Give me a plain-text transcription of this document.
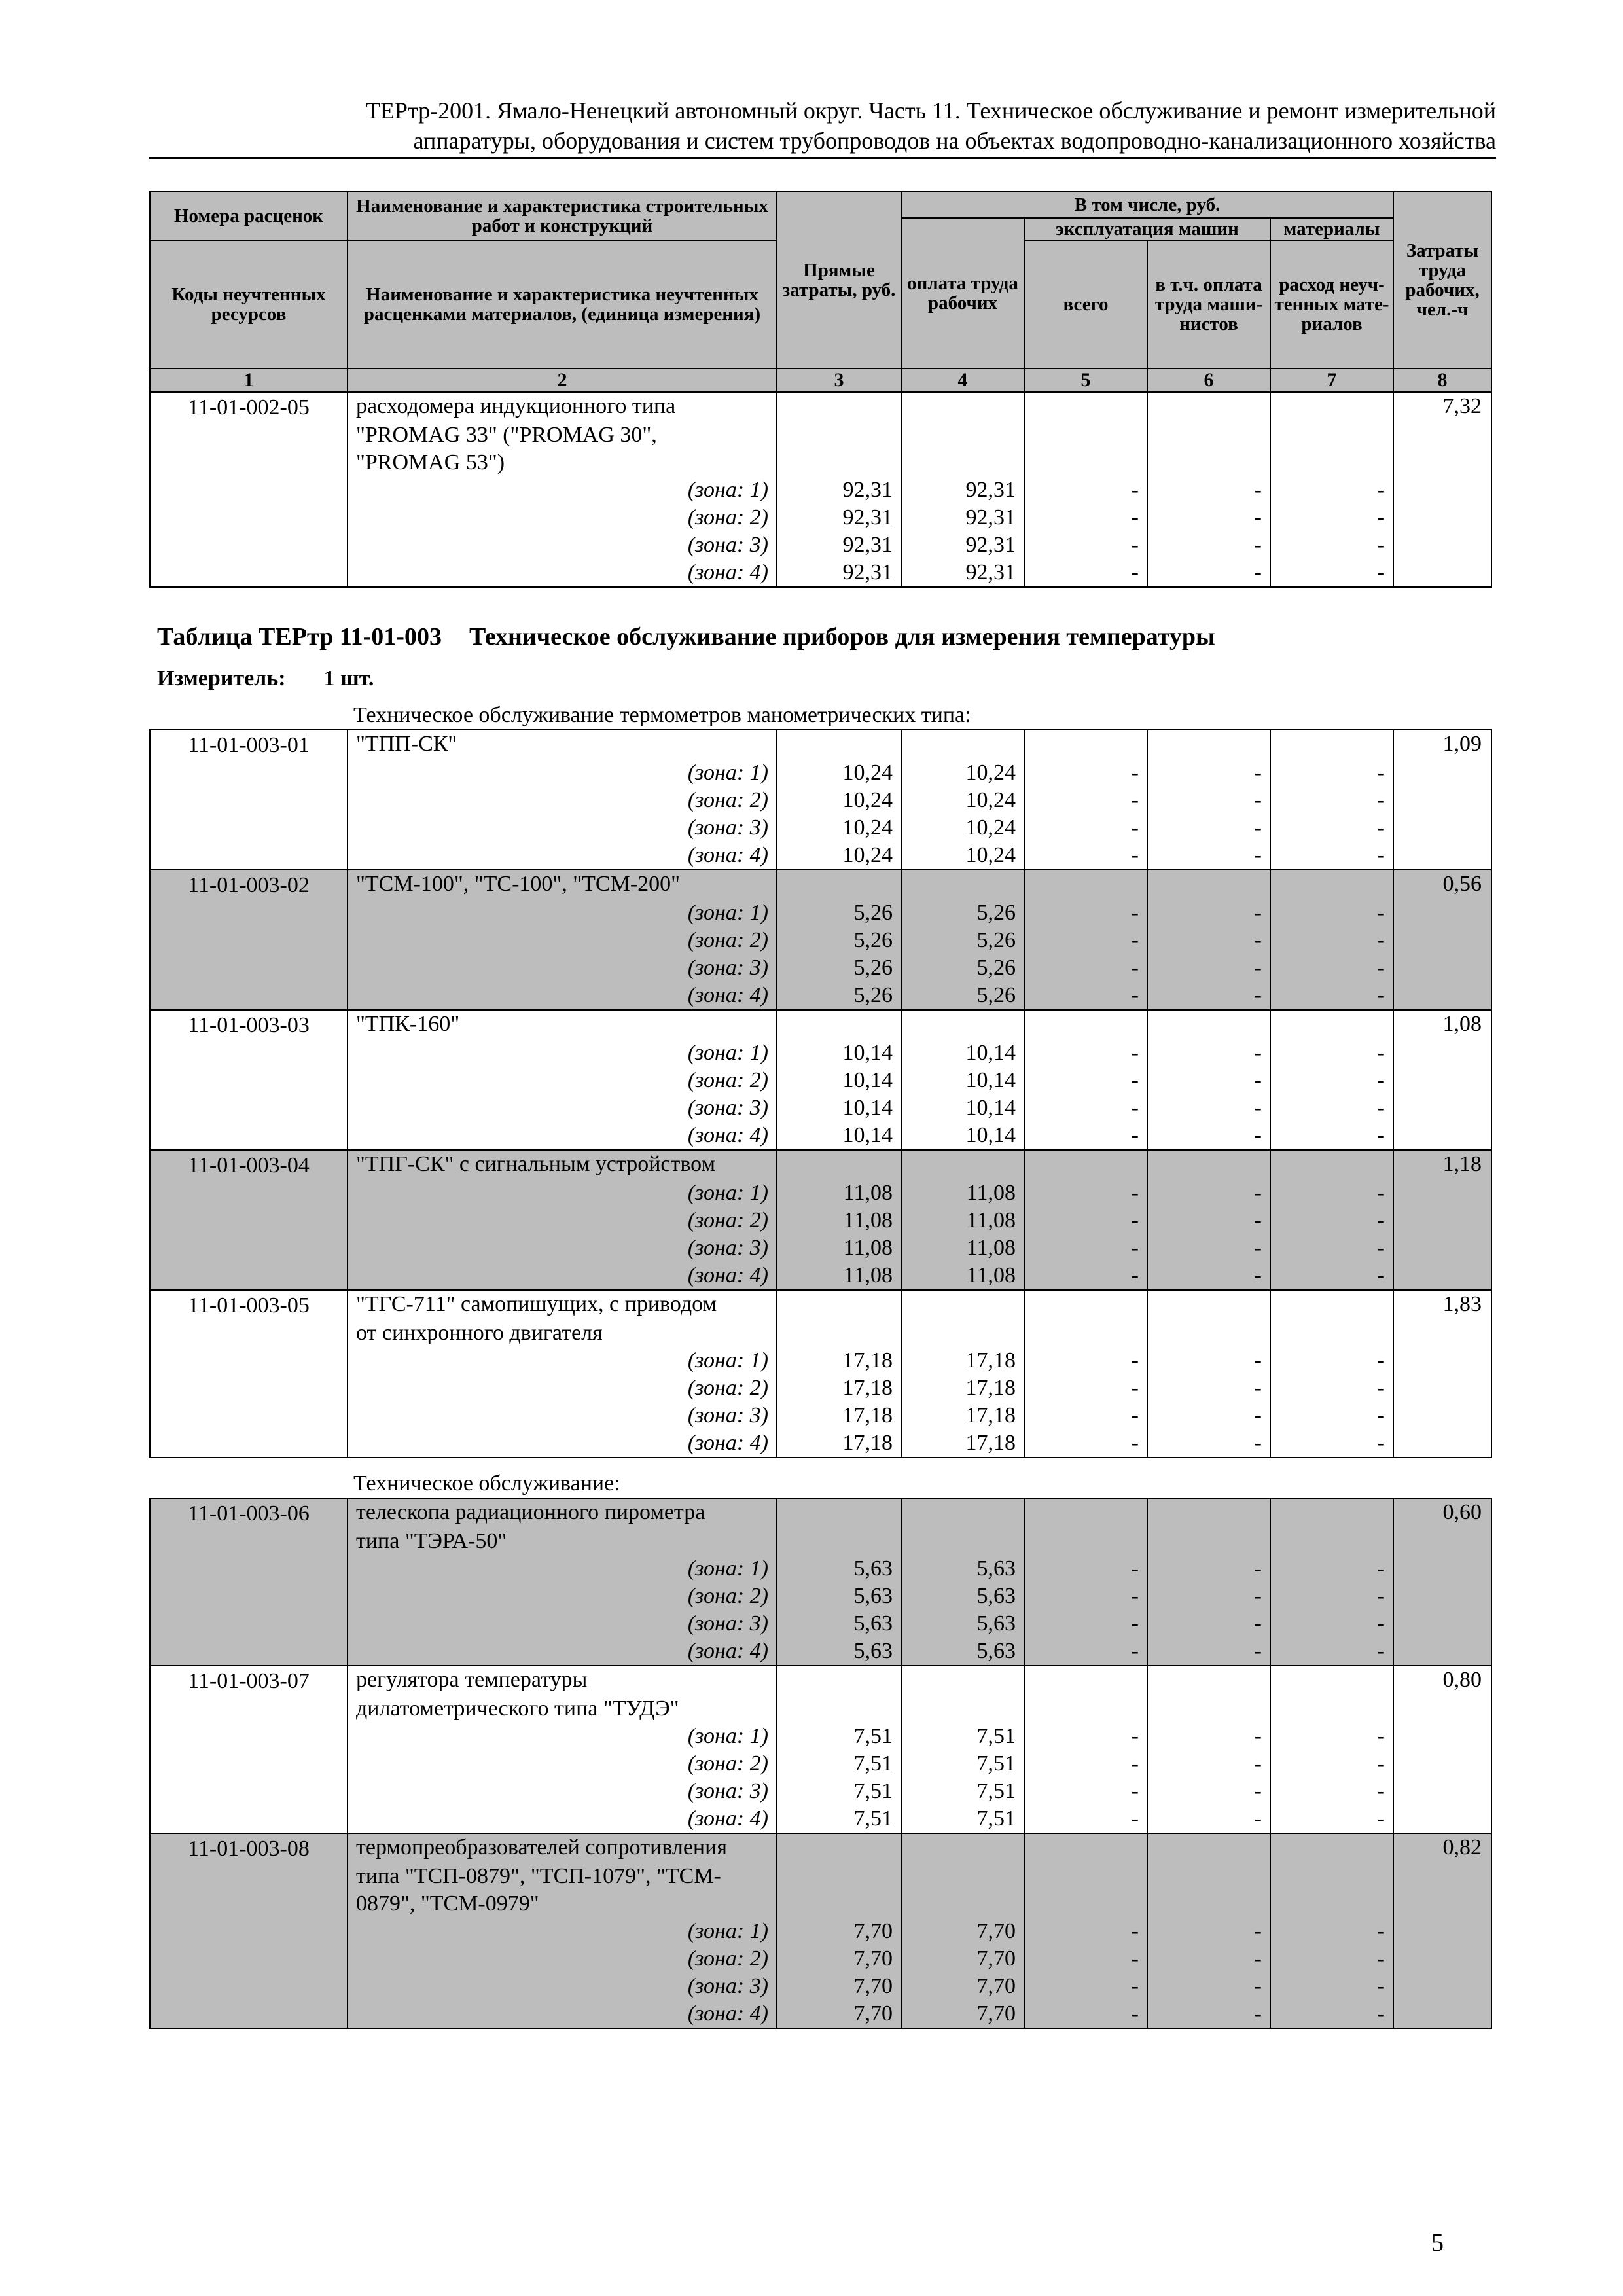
ТЕРтр-2001. Ямало-Ненецкий автономный округ. Часть 11. Техническое обслуживание и ремонт измерительной
аппаратуры, оборудования и систем трубопроводов на объектах водопроводно-канализационного хозяйства
Номера расценок	Наименование и характеристика строительных работ и конструкций	Прямые затраты, руб.	В том числе, руб.				Затраты труда рабочих, чел.-ч
			оплата труда рабочих	эксплуатация машин		материалы	
Коды неучтенных ресурсов	Наименование и характеристика неучтенных расценками материалов, (единица измерения)			всего	в т.ч. оплата труда маши-нистов	расход неуч-тенных мате-риалов	
1	2	3	4	5	6	7	8
11-01-002-05	расходомера индукционного типа						7,32
	"PROMAG 33" ("PROMAG 30",						
	"PROMAG 53")						
	(зона: 1)	92,31	92,31	-	-	-	
	(зона: 2)	92,31	92,31	-	-	-	
	(зона: 3)	92,31	92,31	-	-	-	
	(зона: 4)	92,31	92,31	-	-	-	
Таблица ТЕРтр 11-01-003 Техническое обслуживание приборов для измерения температуры
Измеритель: 1 шт.
Техническое обслуживание термометров манометрических типа:
11-01-003-01	"ТПП-СК"						1,09
	(зона: 1)	10,24	10,24	-	-	-	
	(зона: 2)	10,24	10,24	-	-	-	
	(зона: 3)	10,24	10,24	-	-	-	
	(зона: 4)	10,24	10,24	-	-	-	
11-01-003-02	"ТСМ-100", "ТС-100", "ТСМ-200"						0,56
	(зона: 1)	5,26	5,26	-	-	-	
	(зона: 2)	5,26	5,26	-	-	-	
	(зона: 3)	5,26	5,26	-	-	-	
	(зона: 4)	5,26	5,26	-	-	-	
11-01-003-03	"ТПК-160"						1,08
	(зона: 1)	10,14	10,14	-	-	-	
	(зона: 2)	10,14	10,14	-	-	-	
	(зона: 3)	10,14	10,14	-	-	-	
	(зона: 4)	10,14	10,14	-	-	-	
11-01-003-04	"ТПГ-СК" с сигнальным устройством						1,18
	(зона: 1)	11,08	11,08	-	-	-	
	(зона: 2)	11,08	11,08	-	-	-	
	(зона: 3)	11,08	11,08	-	-	-	
	(зона: 4)	11,08	11,08	-	-	-	
11-01-003-05	"ТГС-711" самопишущих, с приводом						1,83
	от синхронного двигателя						
	(зона: 1)	17,18	17,18	-	-	-	
	(зона: 2)	17,18	17,18	-	-	-	
	(зона: 3)	17,18	17,18	-	-	-	
	(зона: 4)	17,18	17,18	-	-	-	
Техническое обслуживание:
11-01-003-06	телескопа радиационного пирометра						0,60
	типа "ТЭРА-50"						
	(зона: 1)	5,63	5,63	-	-	-	
	(зона: 2)	5,63	5,63	-	-	-	
	(зона: 3)	5,63	5,63	-	-	-	
	(зона: 4)	5,63	5,63	-	-	-	
11-01-003-07	регулятора температуры						0,80
	дилатометрического типа "ТУДЭ"						
	(зона: 1)	7,51	7,51	-	-	-	
	(зона: 2)	7,51	7,51	-	-	-	
	(зона: 3)	7,51	7,51	-	-	-	
	(зона: 4)	7,51	7,51	-	-	-	
11-01-003-08	термопреобразователей сопротивления						0,82
	типа "ТСП-0879", "ТСП-1079", "ТСМ-						
	0879", "ТСМ-0979"						
	(зона: 1)	7,70	7,70	-	-	-	
	(зона: 2)	7,70	7,70	-	-	-	
	(зона: 3)	7,70	7,70	-	-	-	
	(зона: 4)	7,70	7,70	-	-	-	
5
